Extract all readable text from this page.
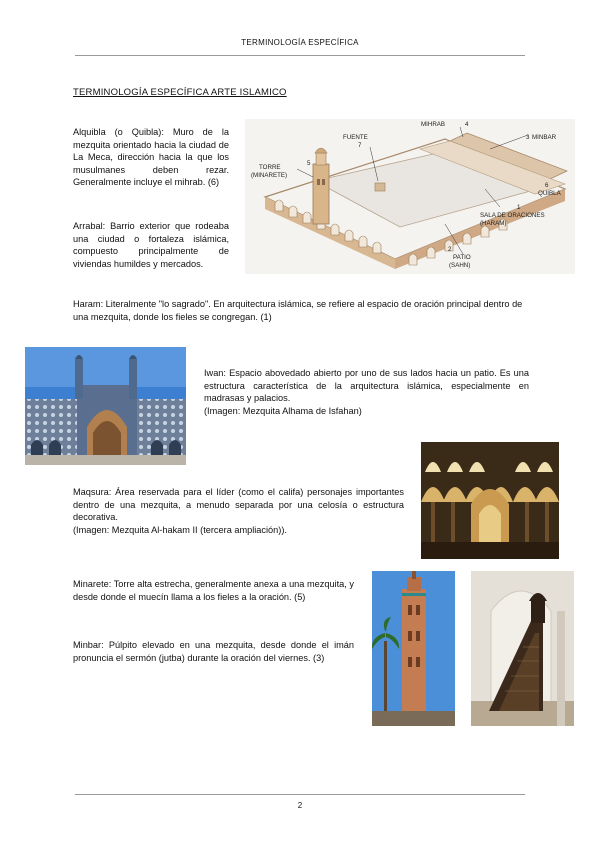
TERMINOLOGÍA ESPECÍFICA
TERMINOLOGÍA ESPECÍFICA ARTE ISLAMICO
Alquibla (o Quibla): Muro de la mezquita orientado hacia la ciudad de La Meca, dirección hacia la que los musulmanes deben rezar. Generalmente incluye el mihrab. (6)
MIHRAB	4
MINBAR
3
FUENTE
7
TORRE
(MINARETE)
5
6
QUIBLA
SALA DE ORACIONES
(HARAM)
1
PATIO
(SAHN)
2
Arrabal: Barrio exterior que rodeaba una ciudad o fortaleza islámica, compuesto principalmente de viviendas humildes y mercados.
Haram: Literalmente "lo sagrado". En arquitectura islámica, se refiere al espacio de oración principal dentro de una mezquita, donde los fieles se congregan. (1)
Iwan: Espacio abovedado abierto por uno de sus lados hacia un patio. Es una estructura característica de la arquitectura islámica, especialmente en madrasas y palacios.
(Imagen: Mezquita Alhama de Isfahan)
Maqsura: Área reservada para el líder (como el califa) personajes importantes dentro de una mezquita, a menudo separada por una celosía o estructura decorativa.
(Imagen: Mezquita Al-hakam II (tercera ampliación)).
Minarete: Torre alta estrecha, generalmente anexa a una mezquita, y desde donde el muecín llama a los fieles a la oración. (5)
Minbar: Púlpito elevado en una mezquita, desde donde el imán pronuncia el sermón (jutba) durante la oración del viernes. (3)
2
